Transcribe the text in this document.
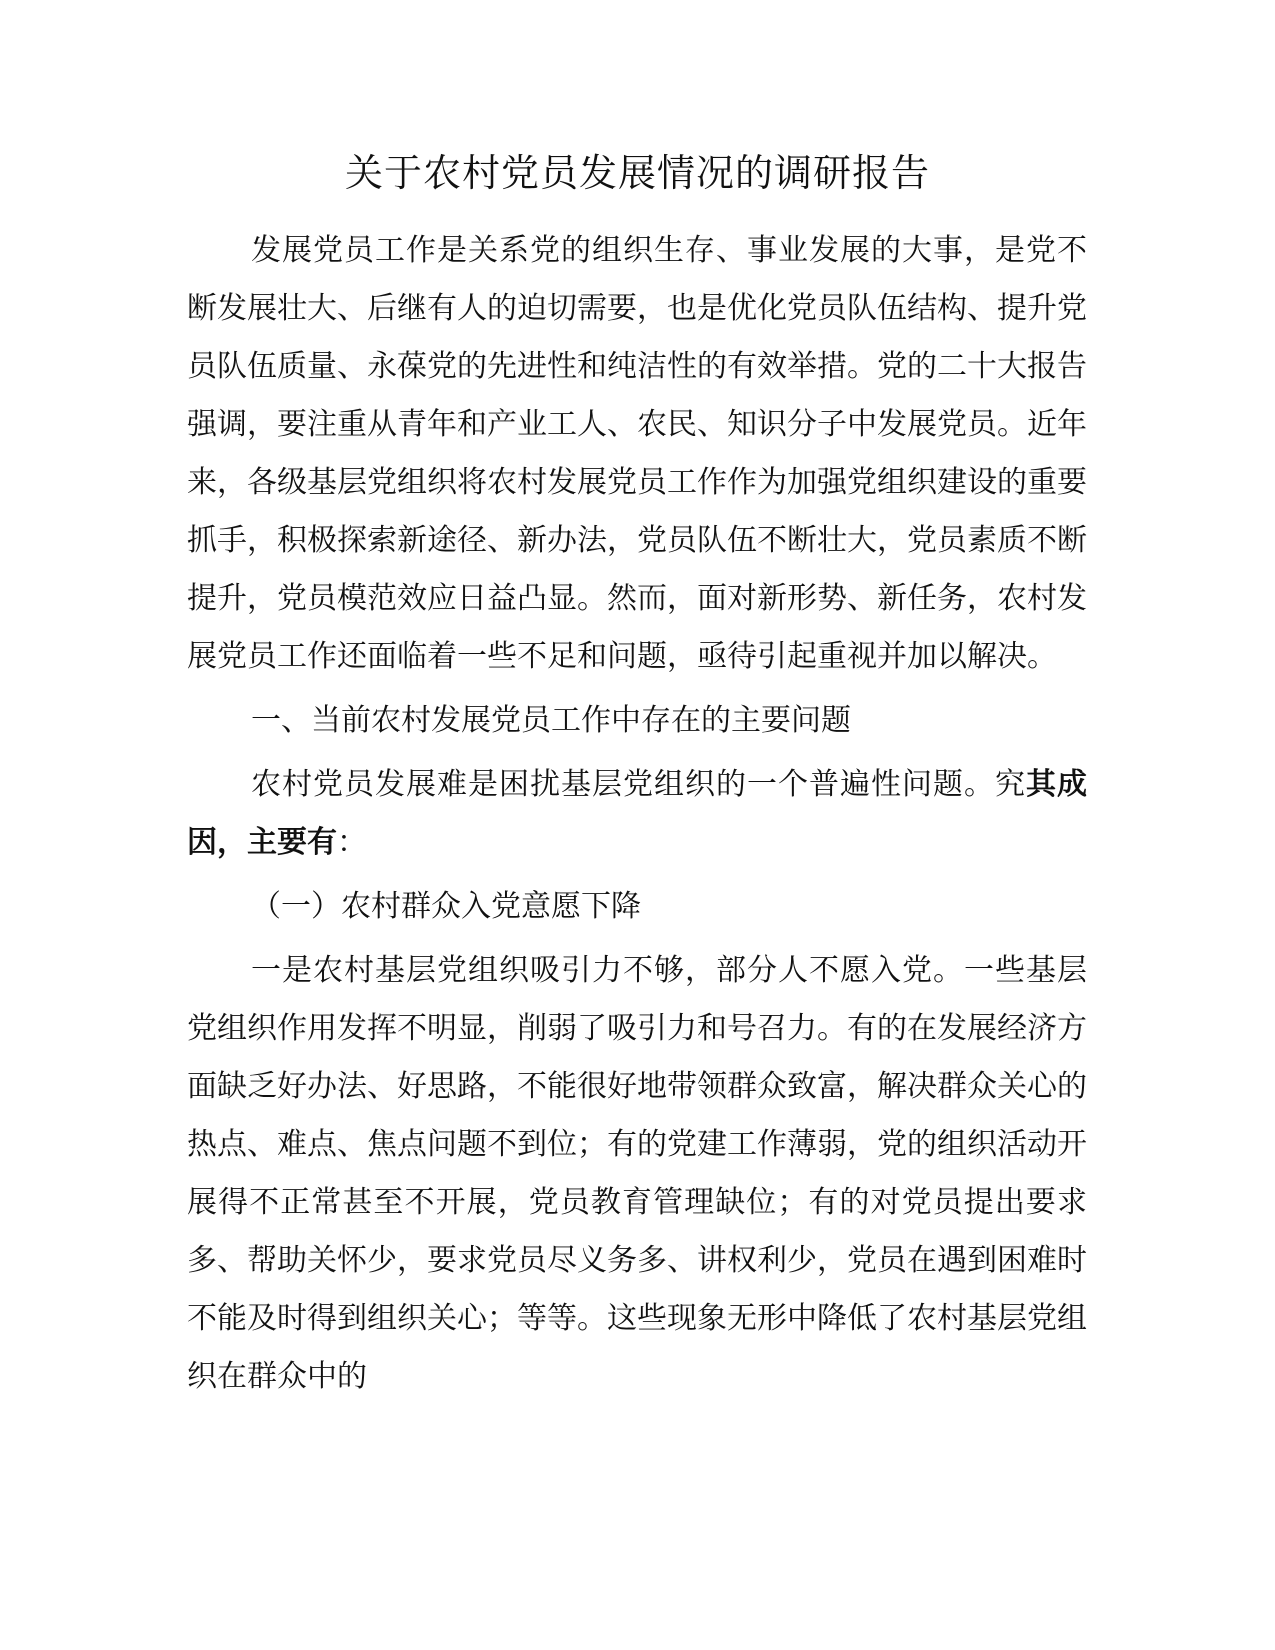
关于农村党员发展情况的调研报告

发展党员工作是关系党的组织生存、事业发展的大事，是党不断发展壮大、后继有人的迫切需要，也是优化党员队伍结构、提升党员队伍质量、永葆党的先进性和纯洁性的有效举措。党的二十大报告强调，要注重从青年和产业工人、农民、知识分子中发展党员。近年来，各级基层党组织将农村发展党员工作作为加强党组织建设的重要抓手，积极探索新途径、新办法，党员队伍不断壮大，党员素质不断提升，党员模范效应日益凸显。然而，面对新形势、新任务，农村发展党员工作还面临着一些不足和问题，亟待引起重视并加以解决。

一、当前农村发展党员工作中存在的主要问题

农村党员发展难是困扰基层党组织的一个普遍性问题。究其成因，主要有：

（一）农村群众入党意愿下降

一是农村基层党组织吸引力不够，部分人不愿入党。一些基层党组织作用发挥不明显，削弱了吸引力和号召力。有的在发展经济方面缺乏好办法、好思路，不能很好地带领群众致富，解决群众关心的热点、难点、焦点问题不到位；有的党建工作薄弱，党的组织活动开展得不正常甚至不开展，党员教育管理缺位；有的对党员提出要求多、帮助关怀少，要求党员尽义务多、讲权利少，党员在遇到困难时不能及时得到组织关心；等等。这些现象无形中降低了农村基层党组织在群众中的
